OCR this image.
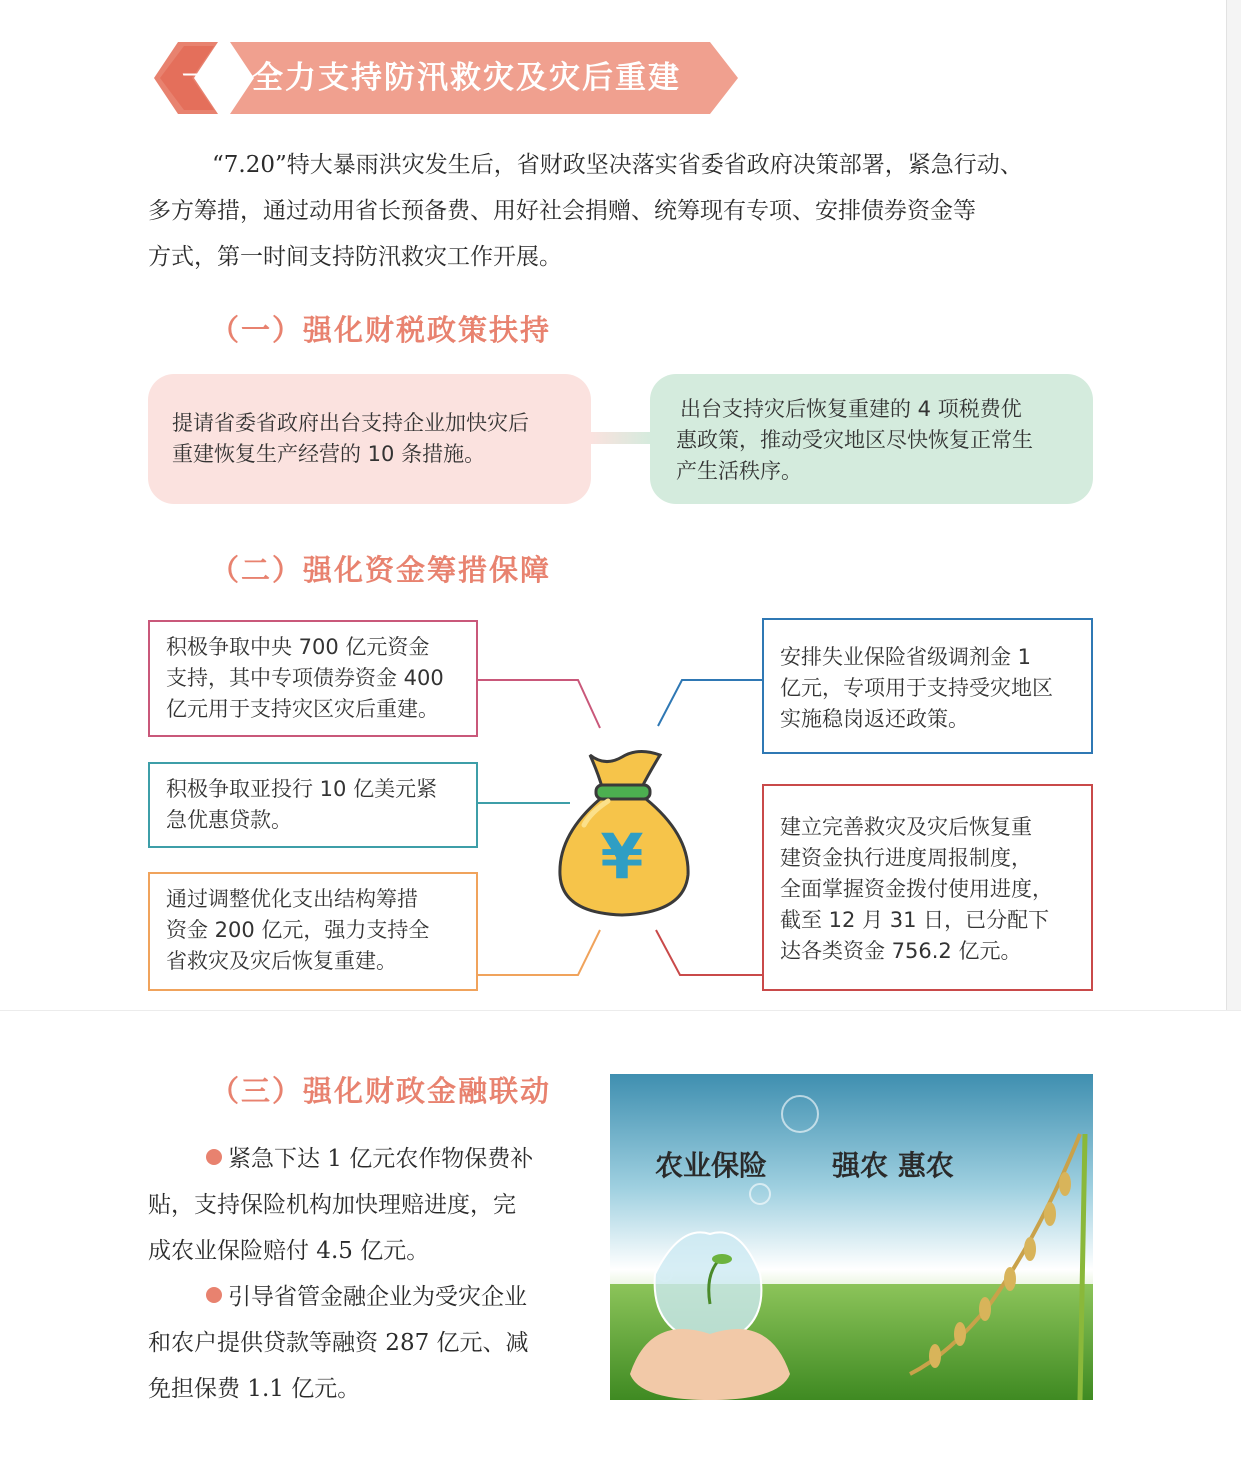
一	全力支持防汛救灾及灾后重建

“7.20”特大暴雨洪灾发生后，省财政坚决落实省委省政府决策部署，紧急行动、

多方筹措，通过动用省长预备费、用好社会捐赠、统筹现有专项、安排债券资金等

方式，第一时间支持防汛救灾工作开展。

（一）强化财税政策扶持
提请省委省政府出台支持企业加快灾后
重建恢复生产经营的 10 条措施。
出台支持灾后恢复重建的 4 项税费优
惠政策，推动受灾地区尽快恢复正常生
产生活秩序。
（二）强化资金筹措保障
积极争取中央 700 亿元资金
支持，其中专项债券资金 400
亿元用于支持灾区灾后重建。
积极争取亚投行 10 亿美元紧
急优惠贷款。
通过调整优化支出结构筹措
资金 200 亿元，强力支持全
省救灾及灾后恢复重建。
安排失业保险省级调剂金 1
亿元，专项用于支持受灾地区
实施稳岗返还政策。
建立完善救灾及灾后恢复重
建资金执行进度周报制度，
全面掌握资金拨付使用进度，
截至 12 月 31 日，已分配下
达各类资金 756.2 亿元。
¥
（三）强化财政金融联动

紧急下达 1 亿元农作物保费补
贴，支持保险机构加快理赔进度，完
成农业保险赔付 4.5 亿元。

引导省管金融企业为受灾企业
和农户提供贷款等融资 287 亿元、减
免担保费 1.1 亿元。

农业保险 强农 惠农
